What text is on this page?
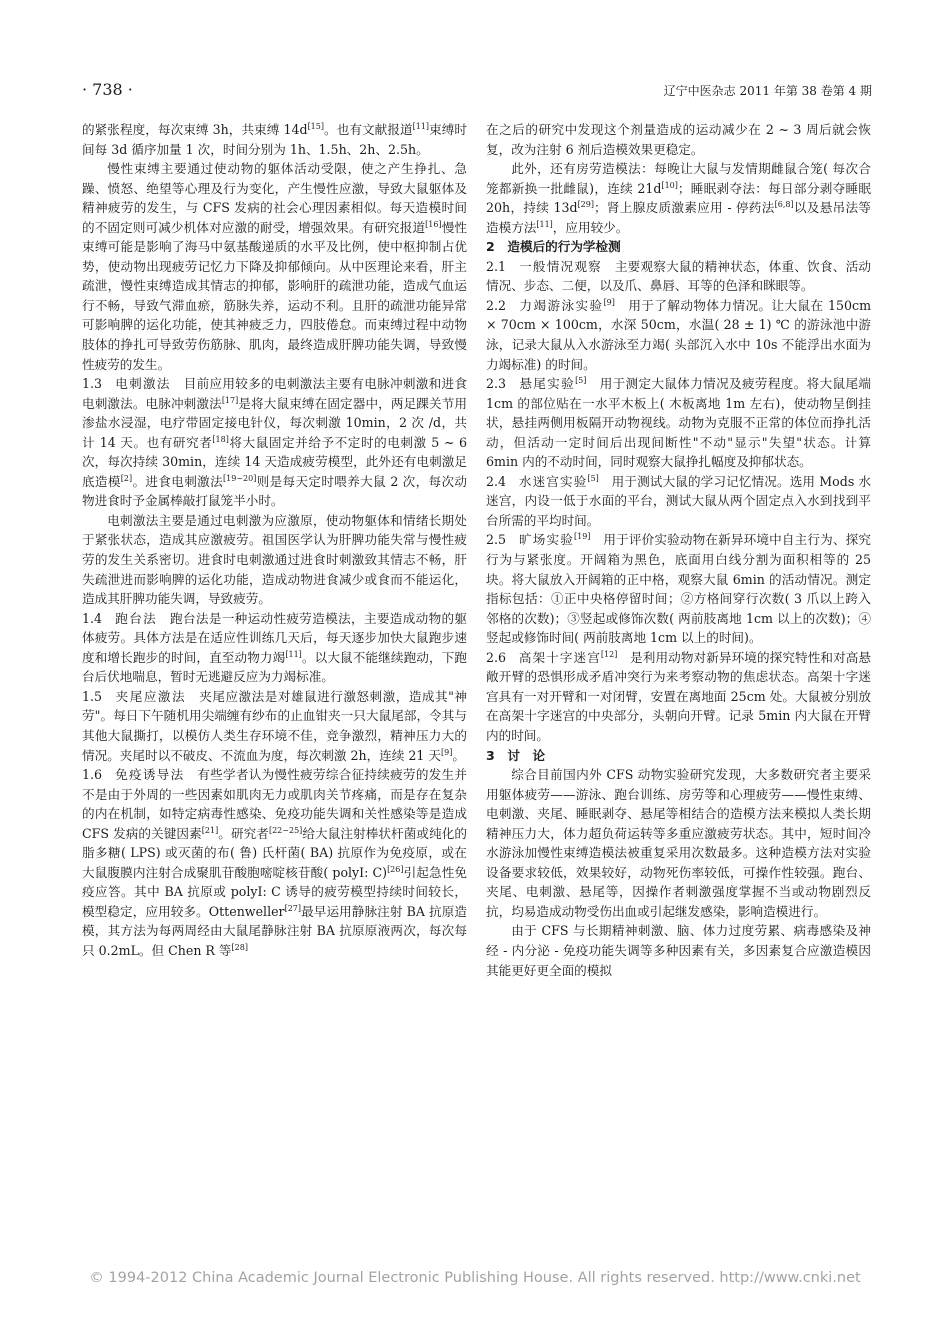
· 738 ·	辽宁中医杂志 2011 年第 38 卷第 4 期

的紧张程度，每次束缚 3h，共束缚 14d[15]。也有文献报道[11]束缚时间每 3d 循序加量 1 次，时间分别为 1h、1.5h、2h、2.5h。

慢性束缚主要通过使动物的躯体活动受限，使之产生挣扎、急躁、愤怒、绝望等心理及行为变化，产生慢性应激，导致大鼠躯体及精神疲劳的发生，与 CFS 发病的社会心理因素相似。每天造模时间的不固定则可减少机体对应激的耐受，增强效果。有研究报道[16]慢性束缚可能是影响了海马中氨基酸递质的水平及比例，使中枢抑制占优势，使动物出现疲劳记忆力下降及抑郁倾向。从中医理论来看，肝主疏泄，慢性束缚造成其情志的抑郁，影响肝的疏泄功能，造成气血运行不畅，导致气滞血瘀，筋脉失养，运动不利。且肝的疏泄功能异常可影响脾的运化功能，使其神疲乏力，四肢倦怠。而束缚过程中动物肢体的挣扎可导致劳伤筋脉、肌肉，最终造成肝脾功能失调，导致慢性疲劳的发生。

1.3　 电刺激法　 目前应用较多的电刺激法主要有电脉冲刺激和进食电刺激法。电脉冲刺激法[17]是将大鼠束缚在固定器中，两足踝关节用渗盐水浸湿，电疗带固定接电针仪，每次刺激 10min，2 次 /d，共计 14 天。也有研究者[18]将大鼠固定并给予不定时的电刺激 5 ~ 6 次，每次持续 30min，连续 14 天造成疲劳模型，此外还有电刺激足底造模[2]。进食电刺激法[19~20]则是每天定时喂养大鼠 2 次，每次动物进食时予金属棒敲打鼠笼半小时。

电刺激法主要是通过电刺激为应激原，使动物躯体和情绪长期处于紧张状态，造成其应激疲劳。祖国医学认为肝脾功能失常与慢性疲劳的发生关系密切。进食时电刺激通过进食时刺激致其情志不畅，肝失疏泄进而影响脾的运化功能，造成动物进食减少或食而不能运化，造成其肝脾功能失调，导致疲劳。

1.4　 跑台法　 跑台法是一种运动性疲劳造模法，主要造成动物的躯体疲劳。具体方法是在适应性训练几天后，每天逐步加快大鼠跑步速度和增长跑步的时间，直至动物力竭[11]。以大鼠不能继续跑动，下跑台后伏地喘息，暂时无逃避反应为力竭标准。

1.5　 夹尾应激法　 夹尾应激法是对雄鼠进行激怒刺激，造成其"神劳"。每日下午随机用尖端缠有纱布的止血钳夹一只大鼠尾部，令其与其他大鼠撕打，以模仿人类生存环境不佳，竞争激烈，精神压力大的情况。夹尾时以不破皮、不流血为度，每次刺激 2h，连续 21 天[9]。

1.6　 免疫诱导法　 有些学者认为慢性疲劳综合征持续疲劳的发生并不是由于外周的一些因素如肌肉无力或肌肉关节疼痛，而是存在复杂的内在机制，如特定病毒性感染、免疫功能失调和关性感染等是造成 CFS 发病的关键因素[21]。研究者[22~25]给大鼠注射棒状杆菌或纯化的脂多糖( LPS) 或灭菌的布( 鲁) 氏杆菌( BA) 抗原作为免疫原，或在大鼠腹膜内注射合成聚肌苷酸胞嘧啶核苷酸( polyI: C)[26]引起急性免疫应答。其中 BA 抗原或 polyI: C 诱导的疲劳模型持续时间较长，模型稳定，应用较多。Ottenweller[27]最早运用静脉注射 BA 抗原造模，其方法为每两周经由大鼠尾静脉注射 BA 抗原原液两次，每次每只 0.2mL。但 Chen R 等[28]

在之后的研究中发现这个剂量造成的运动减少在 2 ~ 3 周后就会恢复，改为注射 6 剂后造模效果更稳定。

此外，还有房劳造模法：每晚让大鼠与发情期雌鼠合笼( 每次合笼都新换一批雌鼠)，连续 21d[10]；睡眠剥夺法：每日部分剥夺睡眠 20h，持续 13d[29]；肾上腺皮质激素应用 - 停药法[6,8]以及悬吊法等造模方法[11]，应用较少。

2　造模后的行为学检测

2.1　 一般情况观察　 主要观察大鼠的精神状态，体重、饮食、活动情况、步态、二便，以及爪、鼻唇、耳等的色泽和眯眼等。

2.2　 力竭游泳实验[9]　 用于了解动物体力情况。让大鼠在 150cm × 70cm × 100cm，水深 50cm，水温( 28 ± 1) ℃ 的游泳池中游泳，记录大鼠从入水游泳至力竭( 头部沉入水中 10s 不能浮出水面为力竭标准) 的时间。

2.3　 悬尾实验[5]　 用于测定大鼠体力情况及疲劳程度。将大鼠尾端 1cm 的部位贴在一水平木板上( 木板离地 1m 左右)，使动物呈倒挂状，悬挂两侧用板隔开动物视线。动物为克服不正常的体位而挣扎活动，但活动一定时间后出现间断性"不动"显示"失望"状态。计算 6min 内的不动时间，同时观察大鼠挣扎幅度及抑郁状态。

2.4　 水迷宫实验[5]　 用于测试大鼠的学习记忆情况。选用 Mods 水迷宫，内设一低于水面的平台，测试大鼠从两个固定点入水到找到平台所需的平均时间。

2.5　 旷场实验[19]　 用于评价实验动物在新异环境中自主行为、探究行为与紧张度。开阔箱为黑色，底面用白线分割为面积相等的 25 块。将大鼠放入开阔箱的正中格，观察大鼠 6min 的活动情况。测定指标包括：①正中央格停留时间；②方格间穿行次数( 3 爪以上跨入邻格的次数)；③竖起或修饰次数( 两前肢离地 1cm 以上的次数)；④竖起或修饰时间( 两前肢离地 1cm 以上的时间)。

2.6　 高架十字迷宫[12]　 是利用动物对新异环境的探究特性和对高悬敞开臂的恐惧形成矛盾冲突行为来考察动物的焦虑状态。高架十字迷宫具有一对开臂和一对闭臂，安置在离地面 25cm 处。大鼠被分别放在高架十字迷宫的中央部分，头朝向开臂。记录 5min 内大鼠在开臂内的时间。

3　讨　论

综合目前国内外 CFS 动物实验研究发现，大多数研究者主要采用躯体疲劳——游泳、跑台训练、房劳等和心理疲劳——慢性束缚、电刺激、夹尾、睡眠剥夺、悬尾等相结合的造模方法来模拟人类长期精神压力大，体力超负荷运转等多重应激疲劳状态。其中，短时间冷水游泳加慢性束缚造模法被重复采用次数最多。这种造模方法对实验设备要求较低，效果较好，动物死伤率较低，可操作性较强。跑台、夹尾、电刺激、悬尾等，因操作者刺激强度掌握不当或动物剧烈反抗，均易造成动物受伤出血或引起继发感染，影响造模进行。

由于 CFS 与长期精神刺激、脑、体力过度劳累、病毒感染及神经 - 内分泌 - 免疫功能失调等多种因素有关，多因素复合应激造模因其能更好更全面的模拟

© 1994-2012 China Academic Journal Electronic Publishing House. All rights reserved. http://www.cnki.net
